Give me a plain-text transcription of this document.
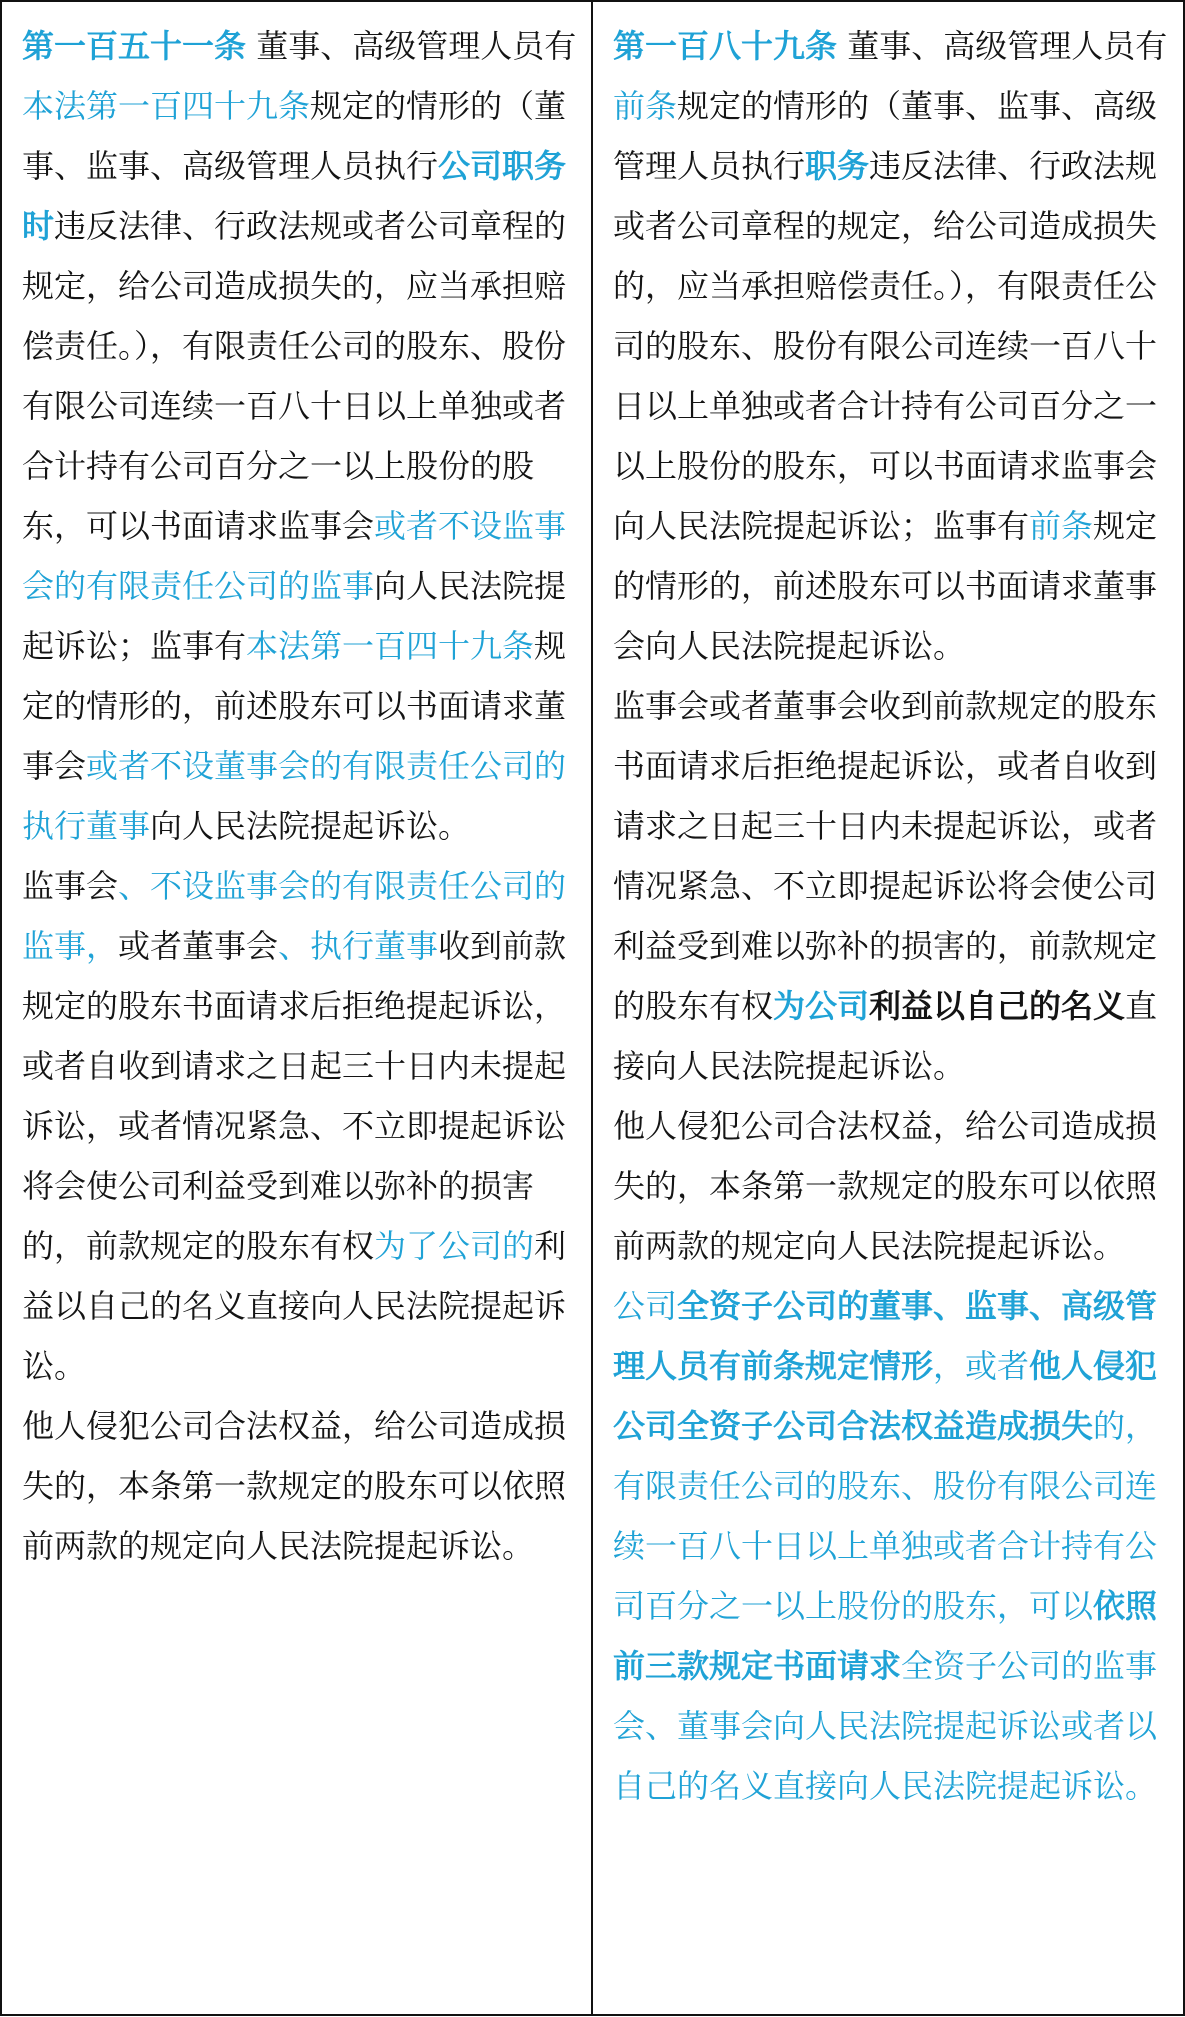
第一百五十一条 董事、高级管理人员有本法第一百四十九条规定的情形的（董事、监事、高级管理人员执行公司职务时违反法律、行政法规或者公司章程的规定，给公司造成损失的，应当承担赔偿责任。），有限责任公司的股东、股份有限公司连续一百八十日以上单独或者合计持有公司百分之一以上股份的股东，可以书面请求监事会或者不设监事会的有限责任公司的监事向人民法院提起诉讼；监事有本法第一百四十九条规定的情形的，前述股东可以书面请求董事会或者不设董事会的有限责任公司的执行董事向人民法院提起诉讼。

监事会、不设监事会的有限责任公司的监事，或者董事会、执行董事收到前款规定的股东书面请求后拒绝提起诉讼，或者自收到请求之日起三十日内未提起诉讼，或者情况紧急、不立即提起诉讼将会使公司利益受到难以弥补的损害的，前款规定的股东有权为了公司的利益以自己的名义直接向人民法院提起诉讼。

他人侵犯公司合法权益，给公司造成损失的，本条第一款规定的股东可以依照前两款的规定向人民法院提起诉讼。

第一百八十九条 董事、高级管理人员有前条规定的情形的（董事、监事、高级管理人员执行职务违反法律、行政法规或者公司章程的规定，给公司造成损失的，应当承担赔偿责任。），有限责任公司的股东、股份有限公司连续一百八十日以上单独或者合计持有公司百分之一以上股份的股东，可以书面请求监事会向人民法院提起诉讼；监事有前条规定的情形的，前述股东可以书面请求董事会向人民法院提起诉讼。

监事会或者董事会收到前款规定的股东书面请求后拒绝提起诉讼，或者自收到请求之日起三十日内未提起诉讼，或者情况紧急、不立即提起诉讼将会使公司利益受到难以弥补的损害的，前款规定的股东有权为公司利益以自己的名义直接向人民法院提起诉讼。

他人侵犯公司合法权益，给公司造成损失的，本条第一款规定的股东可以依照前两款的规定向人民法院提起诉讼。

公司全资子公司的董事、监事、高级管理人员有前条规定情形，或者他人侵犯公司全资子公司合法权益造成损失的，有限责任公司的股东、股份有限公司连续一百八十日以上单独或者合计持有公司百分之一以上股份的股东，可以依照前三款规定书面请求全资子公司的监事会、董事会向人民法院提起诉讼或者以自己的名义直接向人民法院提起诉讼。
